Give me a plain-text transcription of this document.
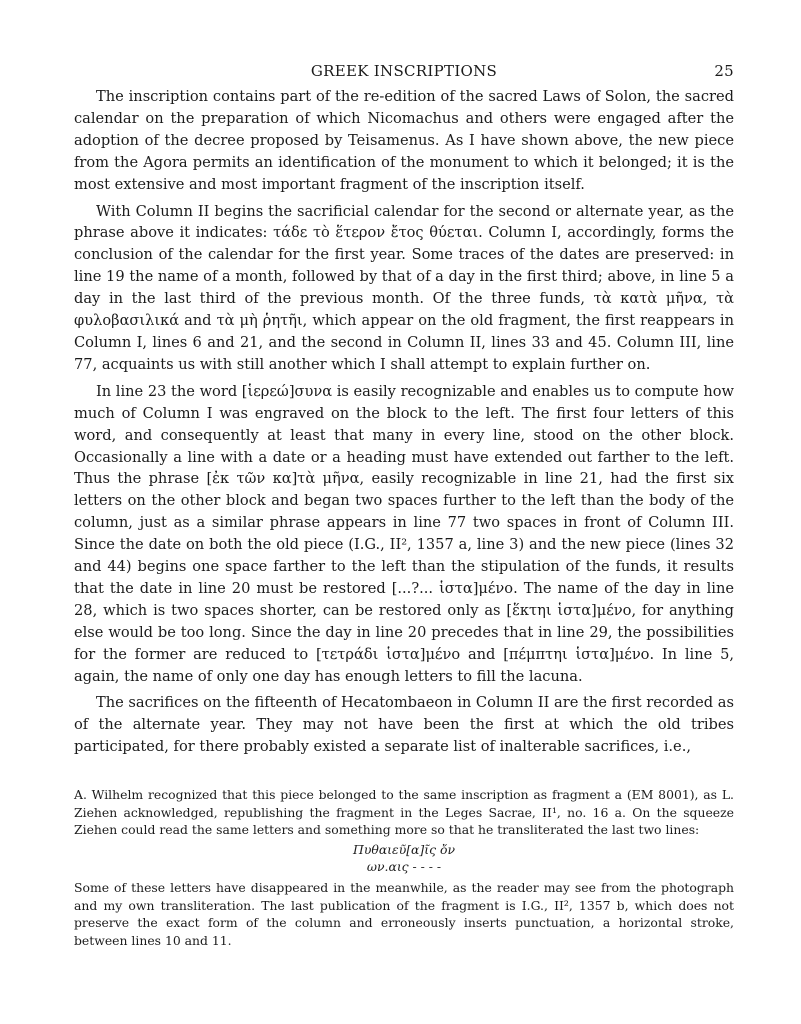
GREEK INSCRIPTIONS	25

The inscription contains part of the re-edition of the sacred Laws of Solon, the sacred calendar on the preparation of which Nicomachus and others were engaged after the adoption of the decree proposed by Teisamenus. As I have shown above, the new piece from the Agora permits an identification of the monument to which it belonged; it is the most extensive and most important fragment of the inscription itself.

With Column II begins the sacrificial calendar for the second or alternate year, as the phrase above it indicates: τάδε τὸ ἕτερον ἔτος θύεται. Column I, accordingly, forms the conclusion of the calendar for the first year. Some traces of the dates are preserved: in line 19 the name of a month, followed by that of a day in the first third; above, in line 5 a day in the last third of the previous month. Of the three funds, τὰ κατὰ μῆνα, τὰ φυλοβασιλικά and τὰ μὴ ῥητῆι, which appear on the old fragment, the first reappears in Column I, lines 6 and 21, and the second in Column II, lines 33 and 45. Column III, line 77, acquaints us with still another which I shall attempt to explain further on.

In line 23 the word [ἱερεώ]συνα is easily recognizable and enables us to compute how much of Column I was engraved on the block to the left. The first four letters of this word, and consequently at least that many in every line, stood on the other block. Occasionally a line with a date or a heading must have extended out farther to the left. Thus the phrase [ἐκ τῶν κα]τὰ μῆνα, easily recognizable in line 21, had the first six letters on the other block and began two spaces further to the left than the body of the column, just as a similar phrase appears in line 77 two spaces in front of Column III. Since the date on both the old piece (I.G., II², 1357 a, line 3) and the new piece (lines 32 and 44) begins one space farther to the left than the stipulation of the funds, it results that the date in line 20 must be restored [...?... ἱστα]μένο. The name of the day in line 28, which is two spaces shorter, can be restored only as [ἕκτηι ἱστα]μένο, for anything else would be too long. Since the day in line 20 precedes that in line 29, the possibilities for the former are reduced to [τετράδι ἱστα]μένο and [πέμπτηι ἱστα]μένο. In line 5, again, the name of only one day has enough letters to fill the lacuna.

The sacrifices on the fifteenth of Hecatombaeon in Column II are the first recorded as of the alternate year. They may not have been the first at which the old tribes participated, for there probably existed a separate list of inalterable sacrifices, i.e.,

A. Wilhelm recognized that this piece belonged to the same inscription as fragment a (EM 8001), as L. Ziehen acknowledged, republishing the fragment in the Leges Sacrae, II¹, no. 16 a. On the squeeze Ziehen could read the same letters and something more so that he transliterated the last two lines:

Πυθαιεῦ[α]ῖς ὄν
ων.αις - - - -

Some of these letters have disappeared in the meanwhile, as the reader may see from the photograph and my own transliteration. The last publication of the fragment is I.G., II², 1357 b, which does not preserve the exact form of the column and erroneously inserts punctuation, a horizontal stroke, between lines 10 and 11.
